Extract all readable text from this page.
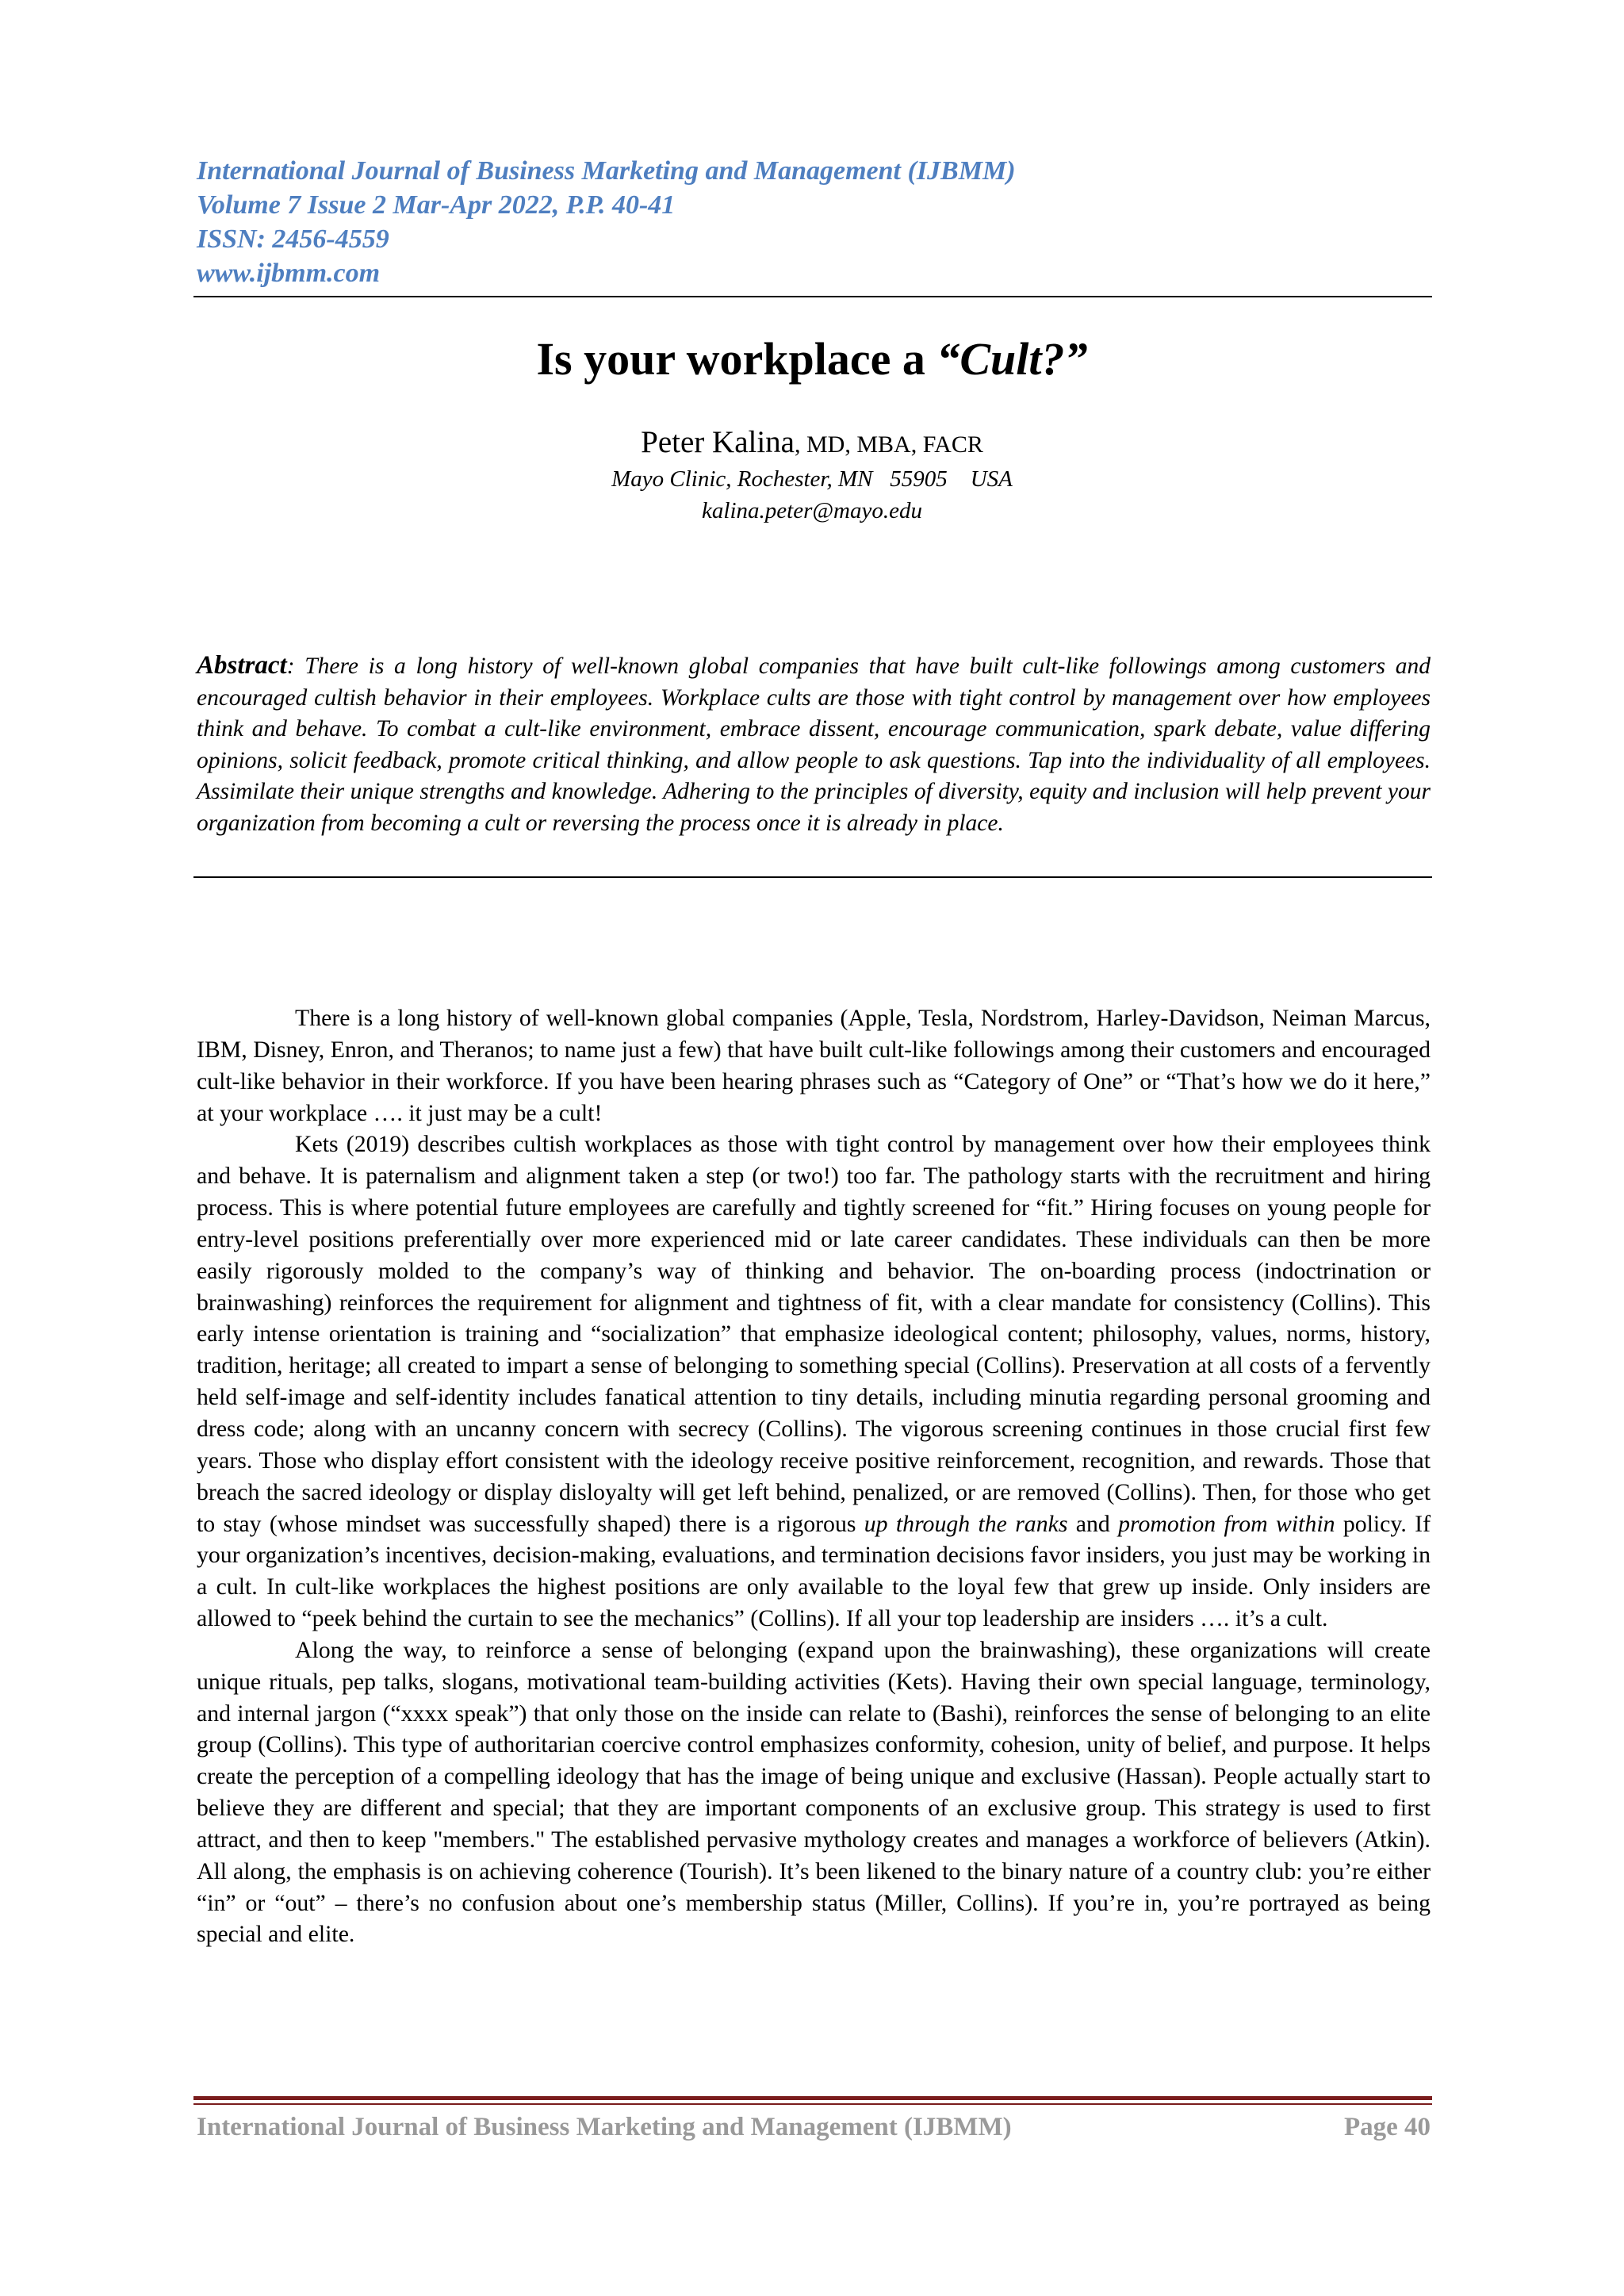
International Journal of Business Marketing and Management (IJBMM)
Volume 7 Issue 2 Mar-Apr 2022, P.P. 40-41
ISSN: 2456-4559
www.ijbmm.com
Is your workplace a “Cult?”
Peter Kalina, MD, MBA, FACR
Mayo Clinic, Rochester, MN   55905    USA
kalina.peter@mayo.edu
Abstract: There is a long history of well-known global companies that have built cult-like followings among customers and encouraged cultish behavior in their employees. Workplace cults are those with tight control by management over how employees think and behave. To combat a cult-like environment, embrace dissent, encourage communication, spark debate, value differing opinions, solicit feedback, promote critical thinking, and allow people to ask questions. Tap into the individuality of all employees. Assimilate their unique strengths and knowledge. Adhering to the principles of diversity, equity and inclusion will help prevent your organization from becoming a cult or reversing the process once it is already in place.

There is a long history of well-known global companies (Apple, Tesla, Nordstrom, Harley-Davidson, Neiman Marcus, IBM, Disney, Enron, and Theranos; to name just a few) that have built cult-like followings among their customers and encouraged cult-like behavior in their workforce. If you have been hearing phrases such as “Category of One” or “That’s how we do it here,” at your workplace …. it just may be a cult!

Kets (2019) describes cultish workplaces as those with tight control by management over how their employees think and behave. It is paternalism and alignment taken a step (or two!) too far. The pathology starts with the recruitment and hiring process. This is where potential future employees are carefully and tightly screened for “fit.” Hiring focuses on young people for entry-level positions preferentially over more experienced mid or late career candidates. These individuals can then be more easily rigorously molded to the company’s way of thinking and behavior. The on-boarding process (indoctrination or brainwashing) reinforces the requirement for alignment and tightness of fit, with a clear mandate for consistency (Collins). This early intense orientation is training and “socialization” that emphasize ideological content; philosophy, values, norms, history, tradition, heritage; all created to impart a sense of belonging to something special (Collins). Preservation at all costs of a fervently held self-image and self-identity includes fanatical attention to tiny details, including minutia regarding personal grooming and dress code; along with an uncanny concern with secrecy (Collins). The vigorous screening continues in those crucial first few years. Those who display effort consistent with the ideology receive positive reinforcement, recognition, and rewards. Those that breach the sacred ideology or display disloyalty will get left behind, penalized, or are removed (Collins). Then, for those who get to stay (whose mindset was successfully shaped) there is a rigorous up through the ranks and promotion from within policy. If your organization’s incentives, decision-making, evaluations, and termination decisions favor insiders, you just may be working in a cult. In cult-like workplaces the highest positions are only available to the loyal few that grew up inside. Only insiders are allowed to “peek behind the curtain to see the mechanics” (Collins). If all your top leadership are insiders …. it’s a cult.

Along the way, to reinforce a sense of belonging (expand upon the brainwashing), these organizations will create unique rituals, pep talks, slogans, motivational team-building activities (Kets). Having their own special language, terminology, and internal jargon (“xxxx speak”) that only those on the inside can relate to (Bashi), reinforces the sense of belonging to an elite group (Collins). This type of authoritarian coercive control emphasizes conformity, cohesion, unity of belief, and purpose. It helps create the perception of a compelling ideology that has the image of being unique and exclusive (Hassan). People actually start to believe they are different and special; that they are important components of an exclusive group. This strategy is used to first attract, and then to keep "members." The established pervasive mythology creates and manages a workforce of believers (Atkin). All along, the emphasis is on achieving coherence (Tourish). It’s been likened to the binary nature of a country club: you’re either “in” or “out” – there’s no confusion about one’s membership status (Miller, Collins). If you’re in, you’re portrayed as being special and elite.

International Journal of Business Marketing and Management (IJBMM)	Page 40
